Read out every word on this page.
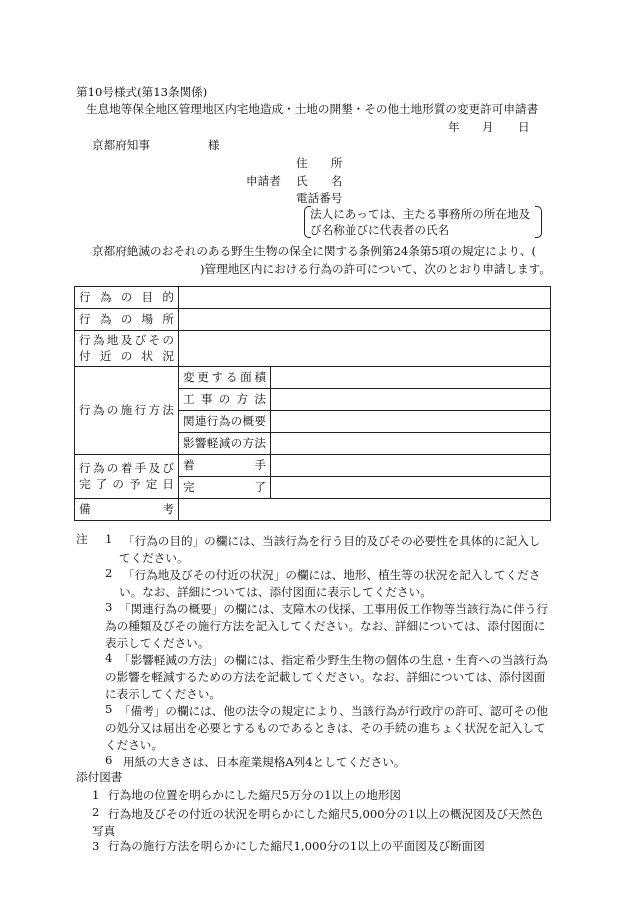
第10号様式(第13条関係)
生息地等保全地区管理地区内宅地造成・土地の開墾・その他土地形質の変更許可申請書
年 月 日
京都府知事	様
住　　所
申請者 氏　　名
電話番号
法人にあっては、主たる事務所の所在地及
び名称並びに代表者の氏名
京都府絶滅のおそれのある野生生物の保全に関する条例第24条第5項の規定により、(
)管理地区内における行為の許可について、次のとおり申請します。
行為の目的		
行為の場所		

行為地及びその
付近の状況		

行為の施行方法	変更する面積	
	工事の方法	
	関連行為の概要	
	影響軽減の方法	

行為の着手及び
完了の予定日	着　　手	
	完　　了	
備　　考		
注 1 「行為の目的」の欄には、当該行為を行う目的及びその必要性を具体的に記入してください。
2 「行為地及びその付近の状況」の欄には、地形、植生等の状況を記入してください。なお、詳細については、添付図面に表示してください。
3 「関連行為の概要」の欄には、支障木の伐採、工事用仮工作物等当該行為に伴う行為の種類及びその施行方法を記入してください。なお、詳細については、添付図面に表示してください。
4 「影響軽減の方法」の欄には、指定希少野生生物の個体の生息・生育への当該行為の影響を軽減するための方法を記載してください。なお、詳細については、添付図面に表示してください。
5 「備考」の欄には、他の法令の規定により、当該行為が行政庁の許可、認可その他の処分又は届出を必要とするものであるときは、その手続の進ちょく状況を記入してください。
6 用紙の大きさは、日本産業規格A列4としてください。
添付図書
1 行為地の位置を明らかにした縮尺5万分の1以上の地形図
2 行為地及びその付近の状況を明らかにした縮尺5,000分の1以上の概況図及び天然色写真
3 行為の施行方法を明らかにした縮尺1,000分の1以上の平面図及び断面図
